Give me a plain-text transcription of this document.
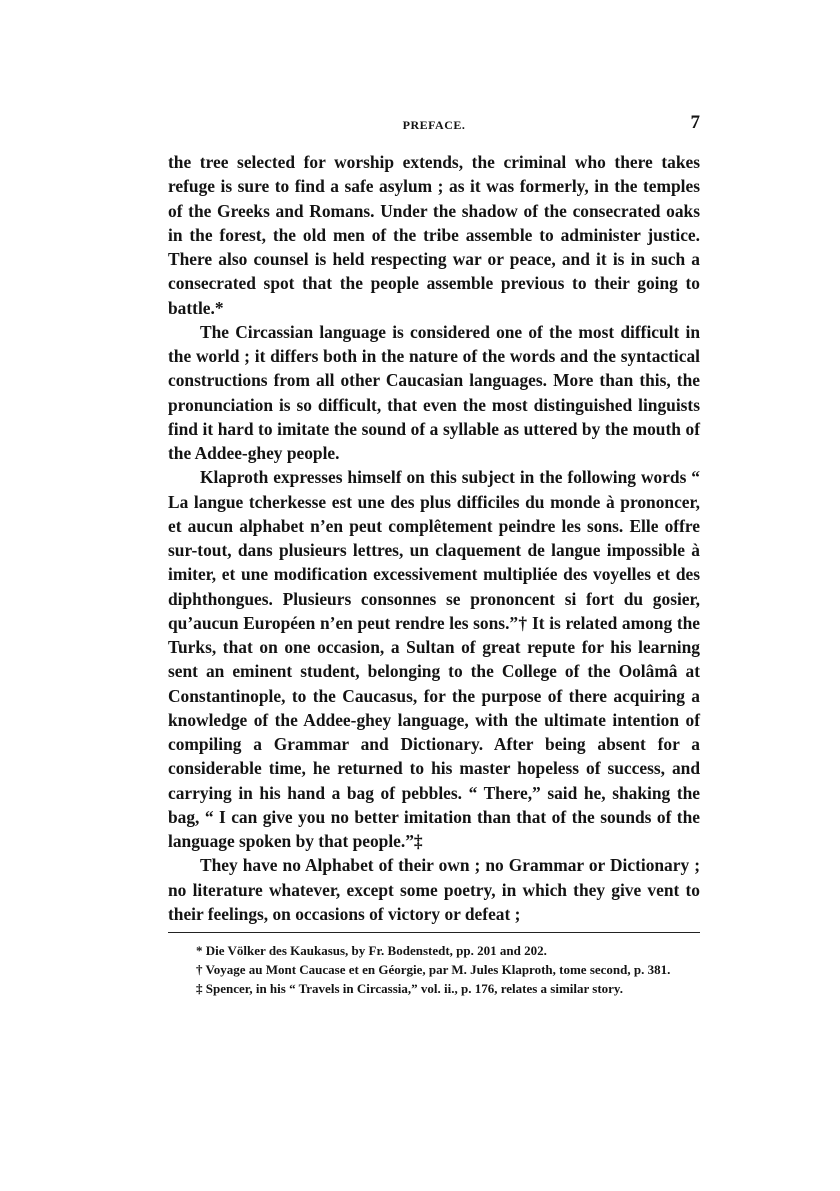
PREFACE.	7

the tree selected for worship extends, the criminal who there takes refuge is sure to find a safe asylum ; as it was formerly, in the temples of the Greeks and Romans. Under the shadow of the consecrated oaks in the forest, the old men of the tribe assemble to administer justice. There also counsel is held respecting war or peace, and it is in such a consecrated spot that the people assemble previous to their going to battle.*

The Circassian language is considered one of the most difficult in the world ; it differs both in the nature of the words and the syntactical constructions from all other Caucasian languages. More than this, the pronunciation is so difficult, that even the most distinguished linguists find it hard to imitate the sound of a syllable as uttered by the mouth of the Addee-ghey people.

Klaproth expresses himself on this subject in the following words “ La langue tcherkesse est une des plus difficiles du monde à prononcer, et aucun alphabet n’en peut complêtement peindre les sons. Elle offre sur-tout, dans plusieurs lettres, un claquement de langue impossible à imiter, et une modification excessivement multipliée des voyelles et des diphthongues. Plusieurs consonnes se prononcent si fort du gosier, qu’aucun Européen n’en peut rendre les sons.”† It is related among the Turks, that on one occasion, a Sultan of great repute for his learning sent an eminent student, belonging to the College of the Oolâmâ at Constantinople, to the Caucasus, for the purpose of there acquiring a knowledge of the Addee-ghey language, with the ultimate intention of compiling a Grammar and Dictionary. After being absent for a considerable time, he returned to his master hopeless of success, and carrying in his hand a bag of pebbles. “ There,” said he, shaking the bag, “ I can give you no better imitation than that of the sounds of the language spoken by that people.”‡

They have no Alphabet of their own ; no Grammar or Dictionary ; no literature whatever, except some poetry, in which they give vent to their feelings, on occasions of victory or defeat ;

* Die Völker des Kaukasus, by Fr. Bodenstedt, pp. 201 and 202.

† Voyage au Mont Caucase et en Géorgie, par M. Jules Klaproth, tome second, p. 381.

‡ Spencer, in his “ Travels in Circassia,” vol. ii., p. 176, relates a similar story.
